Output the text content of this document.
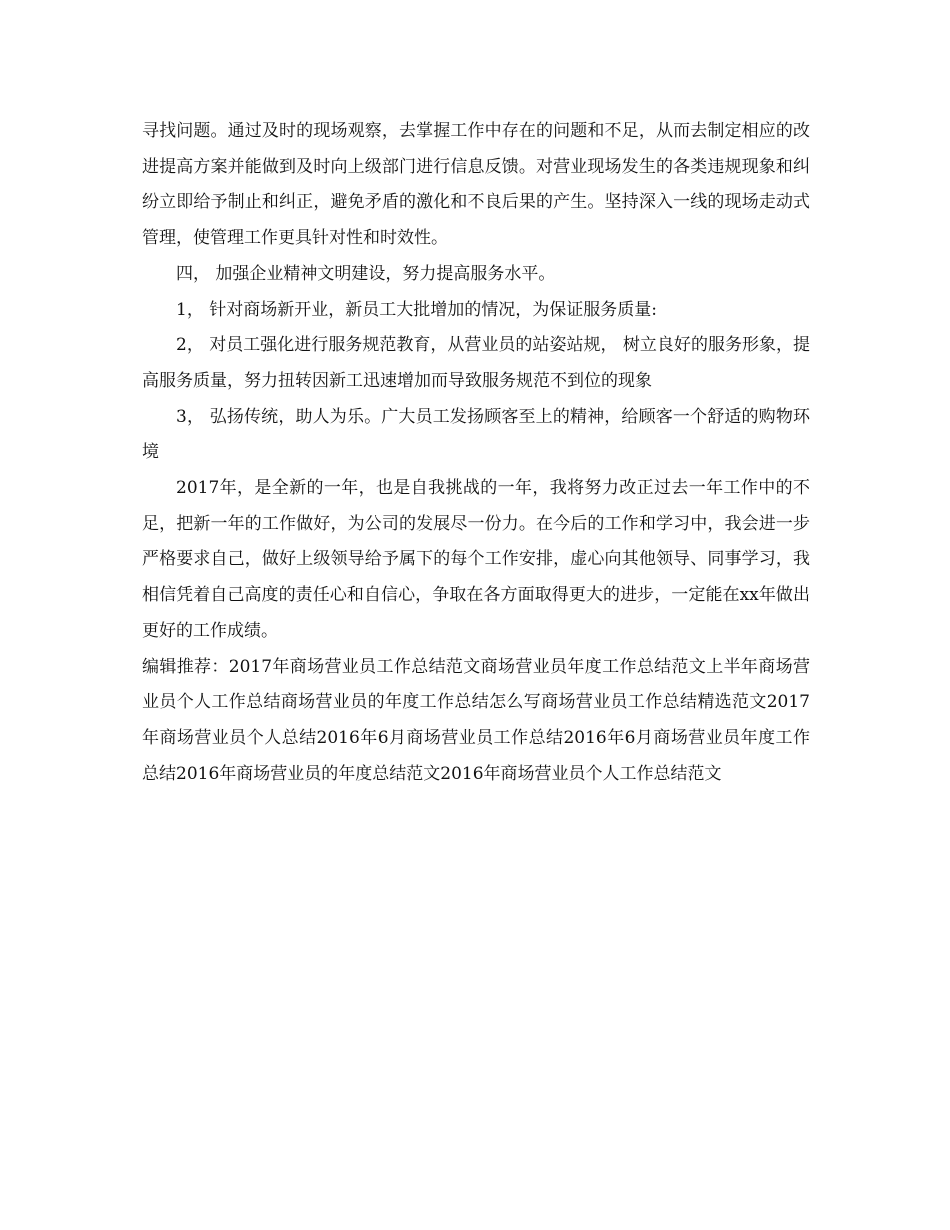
寻找问题。通过及时的现场观察，去掌握工作中存在的问题和不足，从而去制定相应的改进提高方案并能做到及时向上级部门进行信息反馈。对营业现场发生的各类违规现象和纠纷立即给予制止和纠正，避免矛盾的激化和不良后果的产生。坚持深入一线的现场走动式管理，使管理工作更具针对性和时效性。

四， 加强企业精神文明建设，努力提高服务水平。

1， 针对商场新开业，新员工大批增加的情况，为保证服务质量:

2， 对员工强化进行服务规范教育，从营业员的站姿站规， 树立良好的服务形象，提高服务质量，努力扭转因新工迅速增加而导致服务规范不到位的现象

3， 弘扬传统，助人为乐。广大员工发扬顾客至上的精神，给顾客一个舒适的购物环境

2017年，是全新的一年，也是自我挑战的一年，我将努力改正过去一年工作中的不足，把新一年的工作做好，为公司的发展尽一份力。在今后的工作和学习中，我会进一步严格要求自己，做好上级领导给予属下的每个工作安排，虚心向其他领导、同事学习，我相信凭着自己高度的责任心和自信心，争取在各方面取得更大的进步，一定能在xx年做出更好的工作成绩。

编辑推荐：2017年商场营业员工作总结范文商场营业员年度工作总结范文上半年商场营业员个人工作总结商场营业员的年度工作总结怎么写商场营业员工作总结精选范文2017年商场营业员个人总结2016年6月商场营业员工作总结2016年6月商场营业员年度工作总结2016年商场营业员的年度总结范文2016年商场营业员个人工作总结范文
